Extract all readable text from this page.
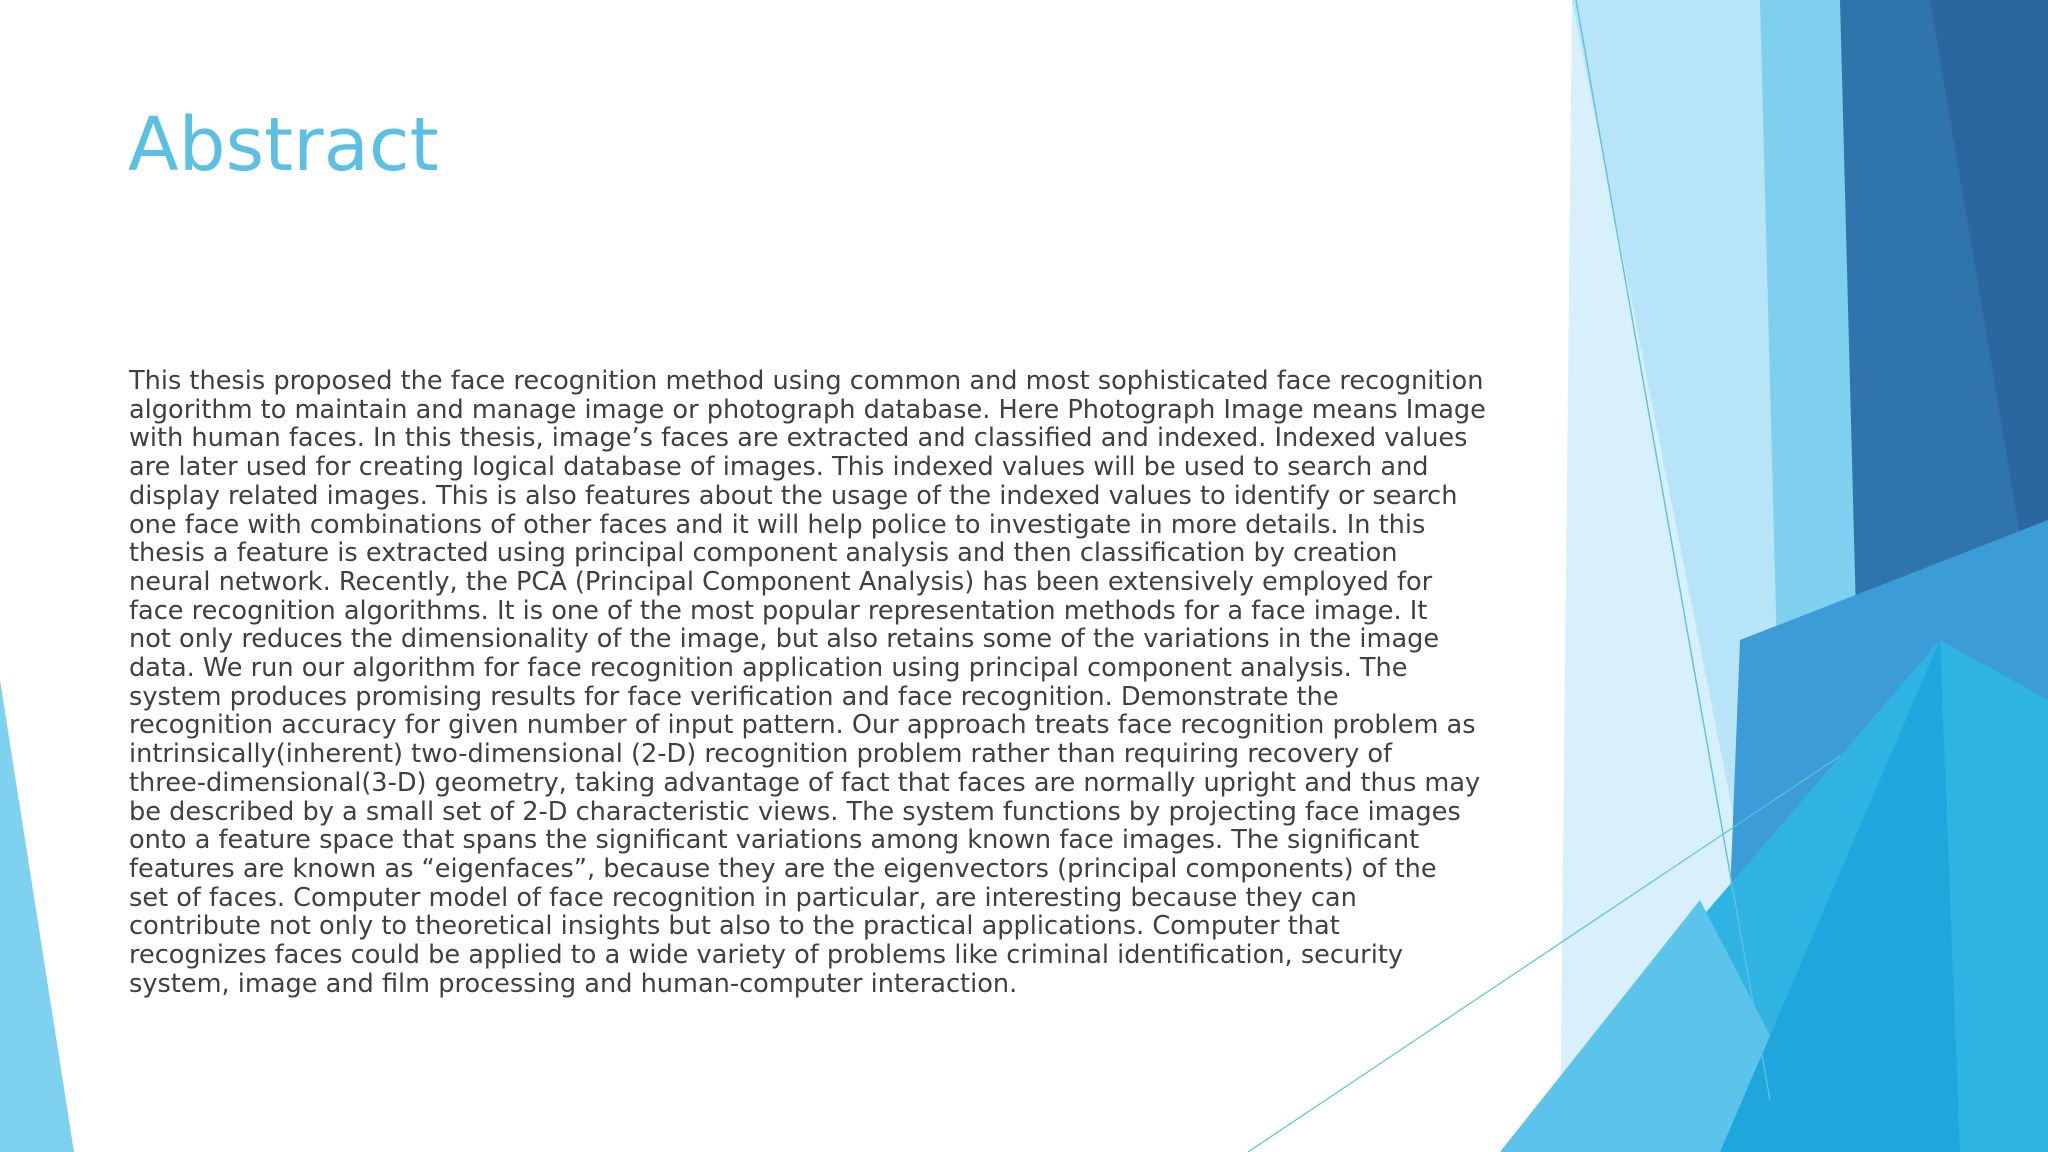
Abstract
This thesis proposed the face recognition method using common and most sophisticated face recognition
algorithm to maintain and manage image or photograph database. Here Photograph Image means Image
with human faces. In this thesis, image’s faces are extracted and classified and indexed. Indexed values
are later used for creating logical database of images. This indexed values will be used to search and
display related images. This is also features about the usage of the indexed values to identify or search
one face with combinations of other faces and it will help police to investigate in more details. In this
thesis a feature is extracted using principal component analysis and then classification by creation
neural network. Recently, the PCA (Principal Component Analysis) has been extensively employed for
face recognition algorithms. It is one of the most popular representation methods for a face image. It
not only reduces the dimensionality of the image, but also retains some of the variations in the image
data. We run our algorithm for face recognition application using principal component analysis. The
system produces promising results for face verification and face recognition. Demonstrate the
recognition accuracy for given number of input pattern. Our approach treats face recognition problem as
intrinsically(inherent) two-dimensional (2-D) recognition problem rather than requiring recovery of
three-dimensional(3-D) geometry, taking advantage of fact that faces are normally upright and thus may
be described by a small set of 2-D characteristic views. The system functions by projecting face images
onto a feature space that spans the significant variations among known face images. The significant
features are known as “eigenfaces”, because they are the eigenvectors (principal components) of the
set of faces. Computer model of face recognition in particular, are interesting because they can
contribute not only to theoretical insights but also to the practical applications. Computer that
recognizes faces could be applied to a wide variety of problems like criminal identification, security
system, image and film processing and human-computer interaction.
